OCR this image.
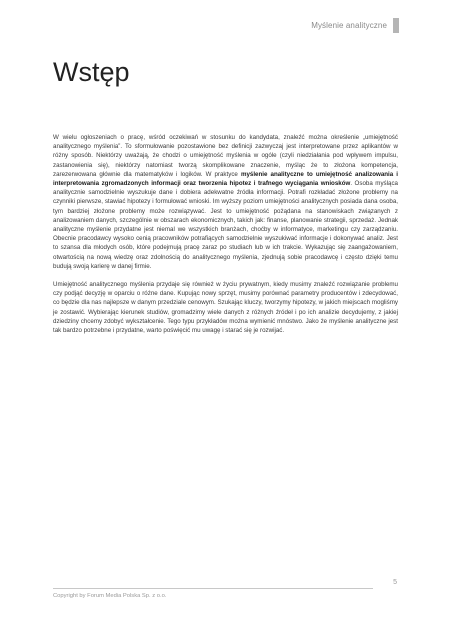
Myślenie analityczne
Wstęp

W wielu ogłoszeniach o pracę, wśród oczekiwań w stosunku do kandydata, znaleźć można określenie „umiejętność analitycznego myślenia”. To sformułowanie pozostawione bez definicji zazwyczaj jest interpretowane przez aplikantów w różny sposób. Niektórzy uważają, że chodzi o umiejętność myślenia w ogóle (czyli niedziałania pod wpływem impulsu, zastanowienia się), niektórzy natomiast tworzą skomplikowane znaczenie, myśląc że to złożona kompetencja, zarezerwowana głównie dla matematyków i logików. W praktyce myślenie analityczne to umiejętność analizowania i interpretowania zgromadzonych informacji oraz tworzenia hipotez i trafnego wyciągania wniosków. Osoba myśląca analitycznie samodzielnie wyszukuje dane i dobiera adekwatne źródła informacji. Potrafi rozkładać złożone problemy na czynniki pierwsze, stawiać hipotezy i formułować wnioski. Im wyższy poziom umiejętności analitycznych posiada dana osoba, tym bardziej złożone problemy może rozwiązywać. Jest to umiejętność pożądana na stanowiskach związanych z analizowaniem danych, szczególnie w obszarach ekonomicznych, takich jak: finanse, planowanie strategii, sprzedaż. Jednak analityczne myślenie przydatne jest niemal we wszystkich branżach, choćby w informatyce, marketingu czy zarządzaniu. Obecnie pracodawcy wysoko cenią pracowników potrafiących samodzielnie wyszukiwać informacje i dokonywać analiz. Jest to szansa dla młodych osób, które podejmują pracę zaraz po studiach lub w ich trakcie. Wykazując się zaangażowaniem, otwartością na nową wiedzę oraz zdolnością do analitycznego myślenia, zjednują sobie pracodawcę i często dzięki temu budują swoją karierę w danej firmie.

Umiejętność analitycznego myślenia przydaje się również w życiu prywatnym, kiedy musimy znaleźć rozwiązanie problemu czy podjąć decyzję w oparciu o różne dane. Kupując nowy sprzęt, musimy porównać parametry producentów i zdecydować, co będzie dla nas najlepsze w danym przedziale cenowym. Szukając kluczy, tworzymy hipotezy, w jakich miejscach mogliśmy je zostawić. Wybierając kierunek studiów, gromadzimy wiele danych z różnych źródeł i po ich analizie decydujemy, z jakiej dziedziny chcemy zdobyć wykształcenie. Tego typu przykładów można wymienić mnóstwo. Jako że myślenie analityczne jest tak bardzo potrzebne i przydatne, warto poświęcić mu uwagę i starać się je rozwijać.

5
Copyright by Forum Media Polska Sp. z o.o.
